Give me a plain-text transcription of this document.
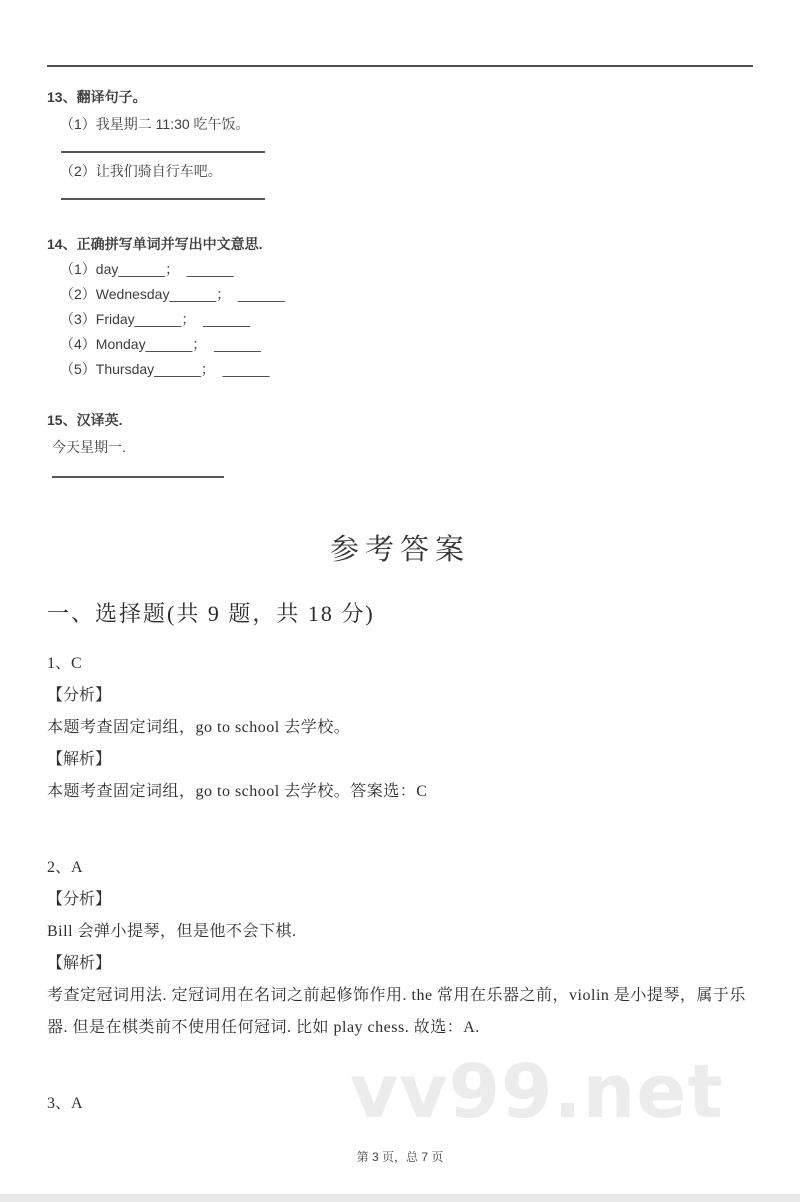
vv99.net
13、翻译句子。
（1）我星期二 11:30 吃午饭。
（2）让我们骑自行车吧。
14、正确拼写单词并写出中文意思.
（1）day______；  ______
（2）Wednesday______；  ______
（3）Friday______；  ______
（4）Monday______；  ______
（5）Thursday______；  ______
15、汉译英.
今天星期一.
参考答案
一、选择题(共 9 题，共 18 分)
1、C
【分析】
本题考查固定词组，go to school 去学校。
【解析】
本题考查固定词组，go to school 去学校。答案选：C
2、A
【分析】
Bill 会弹小提琴，但是他不会下棋.
【解析】
考查定冠词用法. 定冠词用在名词之前起修饰作用. the 常用在乐器之前，violin 是小提琴，属于乐器. 但是在棋类前不使用任何冠词. 比如 play chess. 故选：A.
3、A
第 3 页，总 7 页
